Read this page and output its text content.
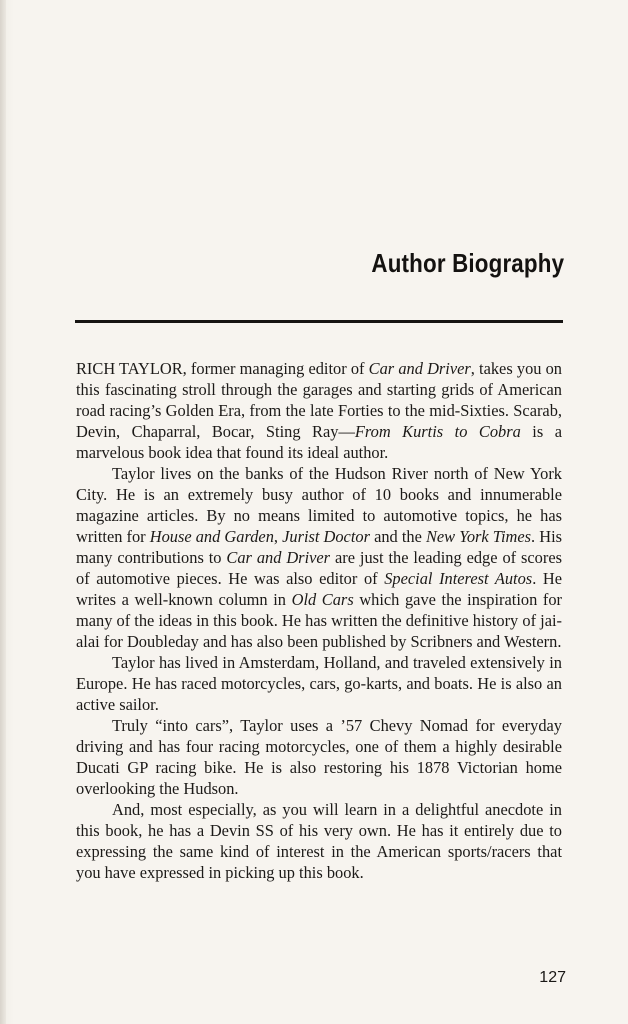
Author Biography

RICH TAYLOR, former managing editor of Car and Driver, takes you on this fascinating stroll through the garages and starting grids of American road racing’s Golden Era, from the late Forties to the mid-Sixties. Scarab, Devin, Chaparral, Bocar, Sting Ray—From Kurtis to Cobra is a marvelous book idea that found its ideal author.

Taylor lives on the banks of the Hudson River north of New York City. He is an extremely busy author of 10 books and innumerable magazine articles. By no means limited to automotive topics, he has written for House and Garden, Jurist Doctor and the New York Times. His many contributions to Car and Driver are just the leading edge of scores of automotive pieces. He was also editor of Special Interest Autos. He writes a well-known column in Old Cars which gave the inspiration for many of the ideas in this book. He has written the definitive history of jai-alai for Doubleday and has also been published by Scribners and Western.

Taylor has lived in Amsterdam, Holland, and traveled extensively in Europe. He has raced motorcycles, cars, go-karts, and boats. He is also an active sailor.

Truly “into cars”, Taylor uses a ’57 Chevy Nomad for everyday driving and has four racing motorcycles, one of them a highly desirable Ducati GP racing bike. He is also restoring his 1878 Victorian home overlooking the Hudson.

And, most especially, as you will learn in a delightful anecdote in this book, he has a Devin SS of his very own. He has it entirely due to expressing the same kind of interest in the American sports/racers that you have expressed in picking up this book.

127
